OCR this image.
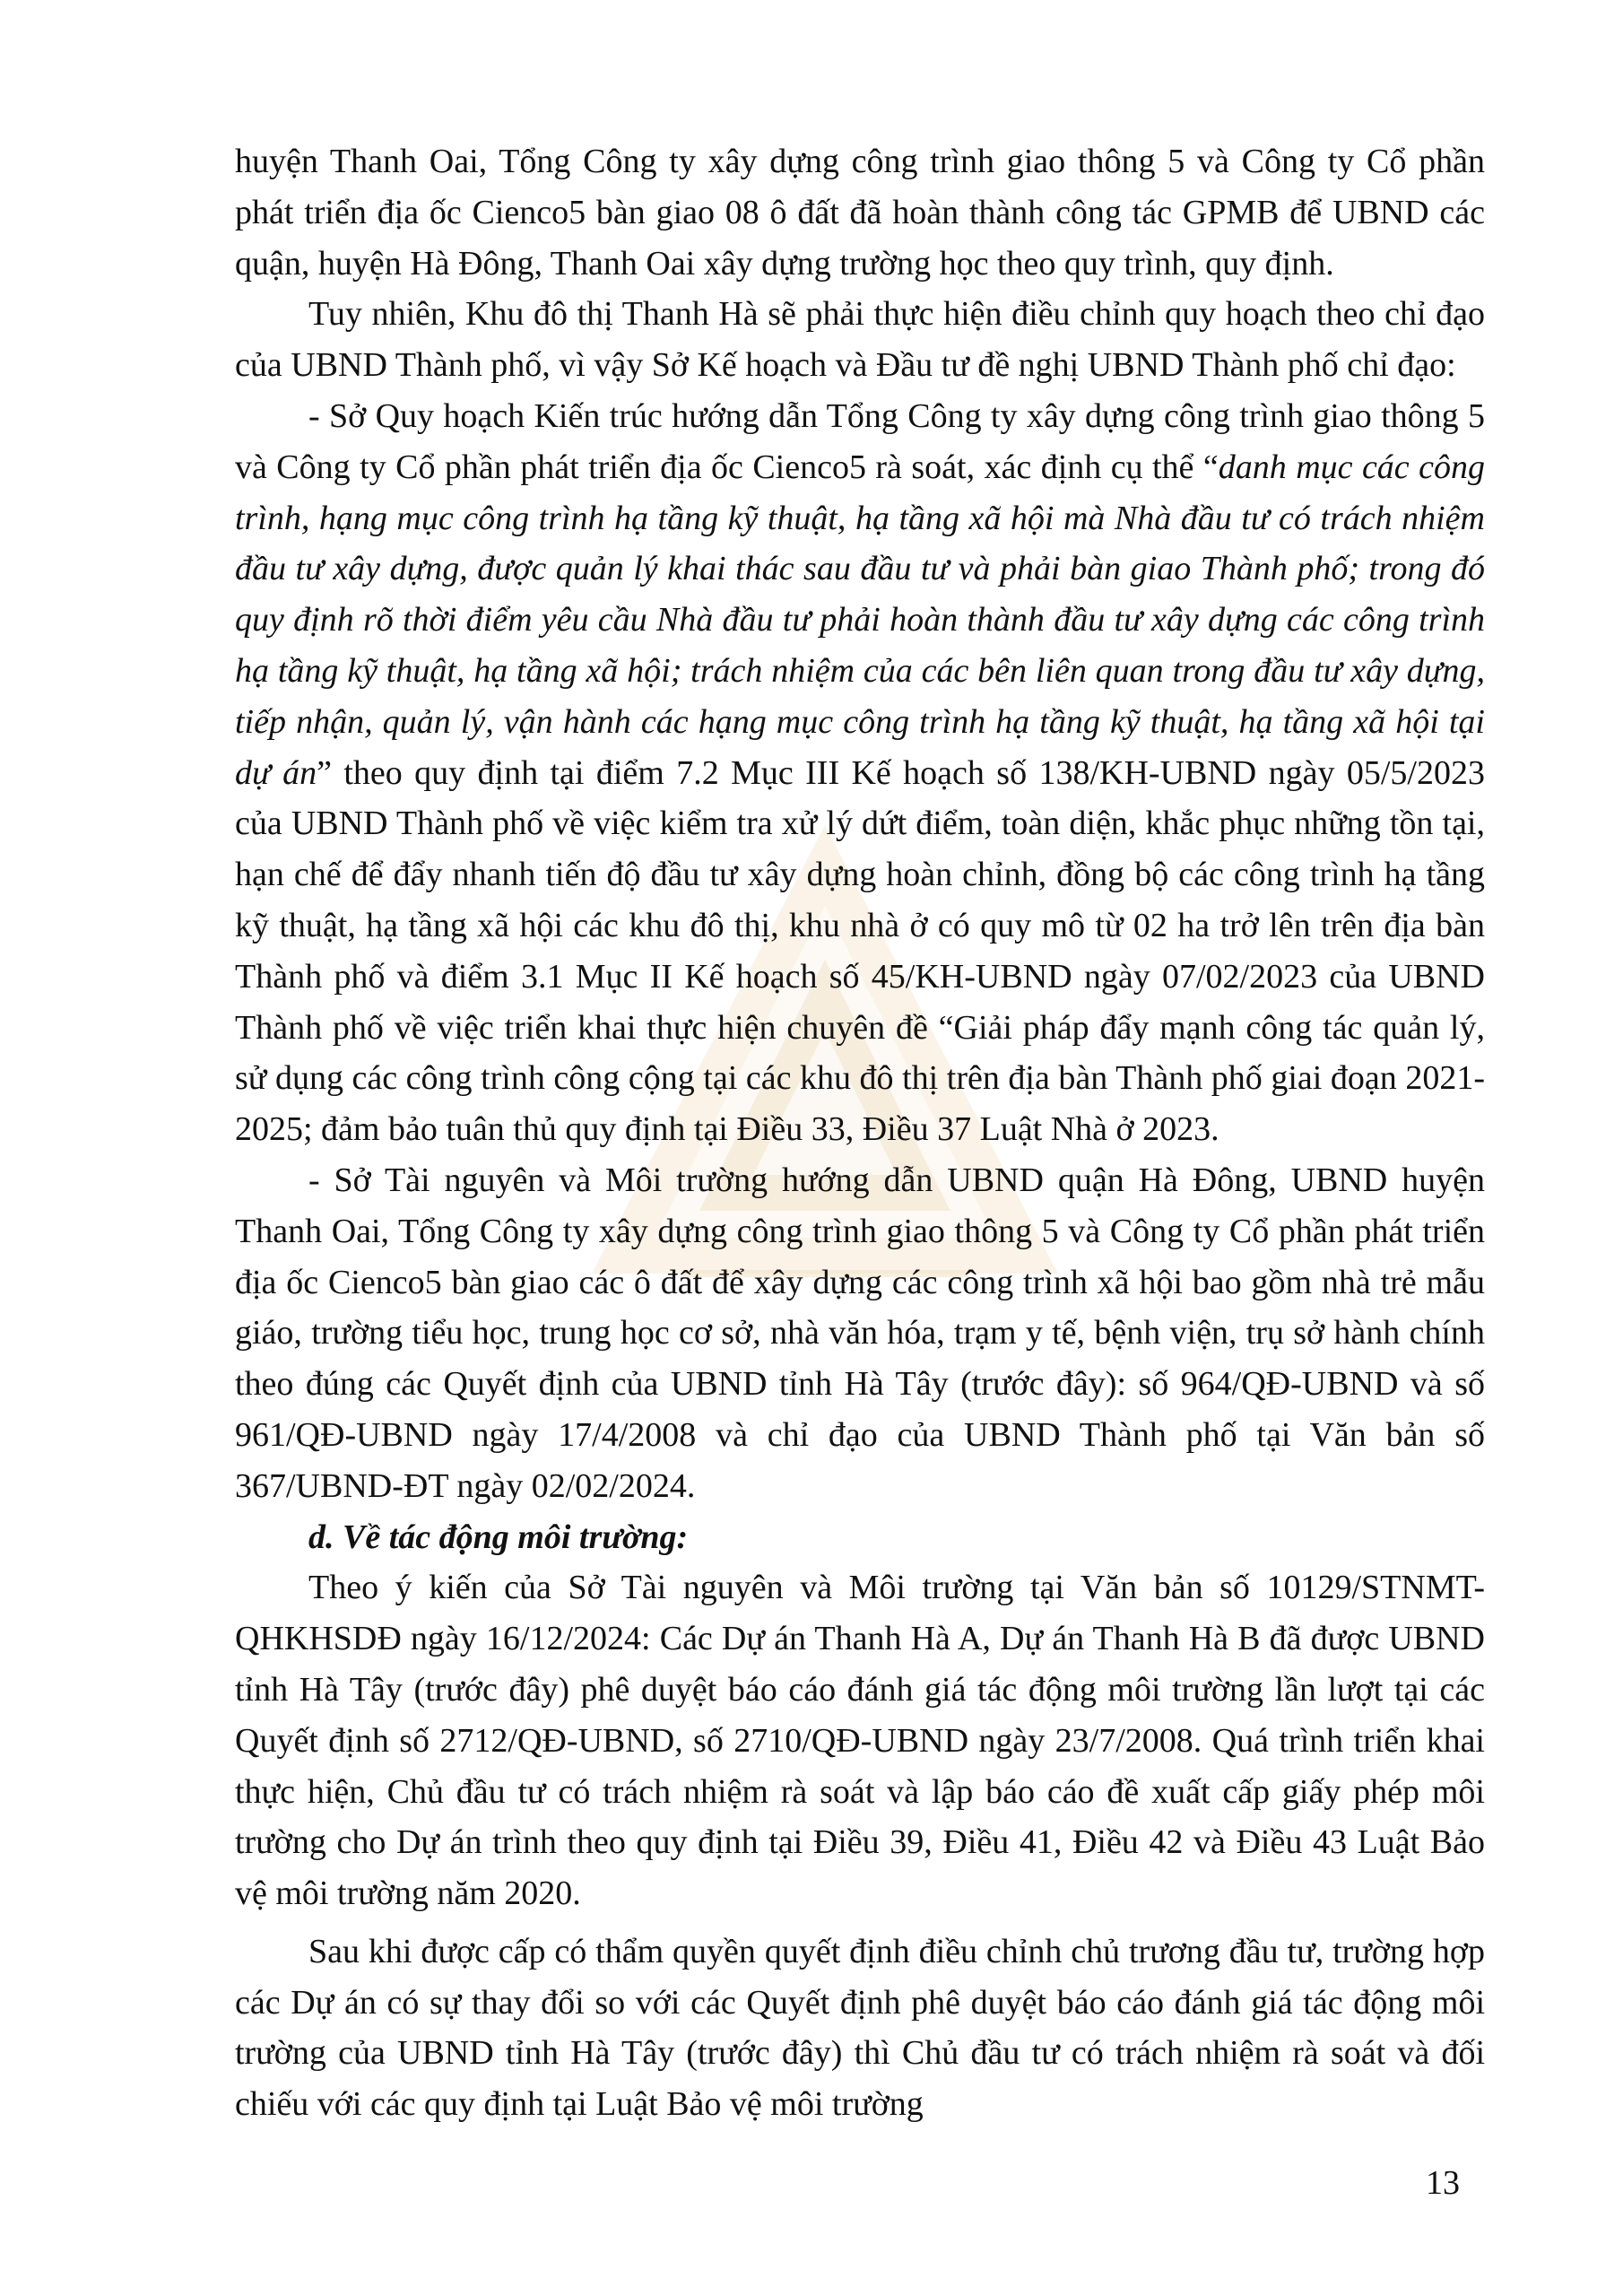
huyện Thanh Oai, Tổng Công ty xây dựng công trình giao thông 5 và Công ty Cổ phần phát triển địa ốc Cienco5 bàn giao 08 ô đất đã hoàn thành công tác GPMB để UBND các quận, huyện Hà Đông, Thanh Oai xây dựng trường học theo quy trình, quy định.

Tuy nhiên, Khu đô thị Thanh Hà sẽ phải thực hiện điều chỉnh quy hoạch theo chỉ đạo của UBND Thành phố, vì vậy Sở Kế hoạch và Đầu tư đề nghị UBND Thành phố chỉ đạo:

- Sở Quy hoạch Kiến trúc hướng dẫn Tổng Công ty xây dựng công trình giao thông 5 và Công ty Cổ phần phát triển địa ốc Cienco5 rà soát, xác định cụ thể “danh mục các công trình, hạng mục công trình hạ tầng kỹ thuật, hạ tầng xã hội mà Nhà đầu tư có trách nhiệm đầu tư xây dựng, được quản lý khai thác sau đầu tư và phải bàn giao Thành phố; trong đó quy định rõ thời điểm yêu cầu Nhà đầu tư phải hoàn thành đầu tư xây dựng các công trình hạ tầng kỹ thuật, hạ tầng xã hội; trách nhiệm của các bên liên quan trong đầu tư xây dựng, tiếp nhận, quản lý, vận hành các hạng mục công trình hạ tầng kỹ thuật, hạ tầng xã hội tại dự án” theo quy định tại điểm 7.2 Mục III Kế hoạch số 138/KH-UBND ngày 05/5/2023 của UBND Thành phố về việc kiểm tra xử lý dứt điểm, toàn diện, khắc phục những tồn tại, hạn chế để đẩy nhanh tiến độ đầu tư xây dựng hoàn chỉnh, đồng bộ các công trình hạ tầng kỹ thuật, hạ tầng xã hội các khu đô thị, khu nhà ở có quy mô từ 02 ha trở lên trên địa bàn Thành phố và điểm 3.1 Mục II Kế hoạch số 45/KH-UBND ngày 07/02/2023 của UBND Thành phố về việc triển khai thực hiện chuyên đề “Giải pháp đẩy mạnh công tác quản lý, sử dụng các công trình công cộng tại các khu đô thị trên địa bàn Thành phố giai đoạn 2021-2025; đảm bảo tuân thủ quy định tại Điều 33, Điều 37 Luật Nhà ở 2023.

- Sở Tài nguyên và Môi trường hướng dẫn UBND quận Hà Đông, UBND huyện Thanh Oai, Tổng Công ty xây dựng công trình giao thông 5 và Công ty Cổ phần phát triển địa ốc Cienco5 bàn giao các ô đất để xây dựng các công trình xã hội bao gồm nhà trẻ mẫu giáo, trường tiểu học, trung học cơ sở, nhà văn hóa, trạm y tế, bệnh viện, trụ sở hành chính theo đúng các Quyết định của UBND tỉnh Hà Tây (trước đây): số 964/QĐ-UBND và số 961/QĐ-UBND ngày 17/4/2008 và chỉ đạo của UBND Thành phố tại Văn bản số 367/UBND-ĐT ngày 02/02/2024.

d. Về tác động môi trường:

Theo ý kiến của Sở Tài nguyên và Môi trường tại Văn bản số 10129/STNMT-QHKHSDĐ ngày 16/12/2024: Các Dự án Thanh Hà A, Dự án Thanh Hà B đã được UBND tỉnh Hà Tây (trước đây) phê duyệt báo cáo đánh giá tác động môi trường lần lượt tại các Quyết định số 2712/QĐ-UBND, số 2710/QĐ-UBND ngày 23/7/2008. Quá trình triển khai thực hiện, Chủ đầu tư có trách nhiệm rà soát và lập báo cáo đề xuất cấp giấy phép môi trường cho Dự án trình theo quy định tại Điều 39, Điều 41, Điều 42 và Điều 43 Luật Bảo vệ môi trường năm 2020.

Sau khi được cấp có thẩm quyền quyết định điều chỉnh chủ trương đầu tư, trường hợp các Dự án có sự thay đổi so với các Quyết định phê duyệt báo cáo đánh giá tác động môi trường của UBND tỉnh Hà Tây (trước đây) thì Chủ đầu tư có trách nhiệm rà soát và đối chiếu với các quy định tại Luật Bảo vệ môi trường

13
